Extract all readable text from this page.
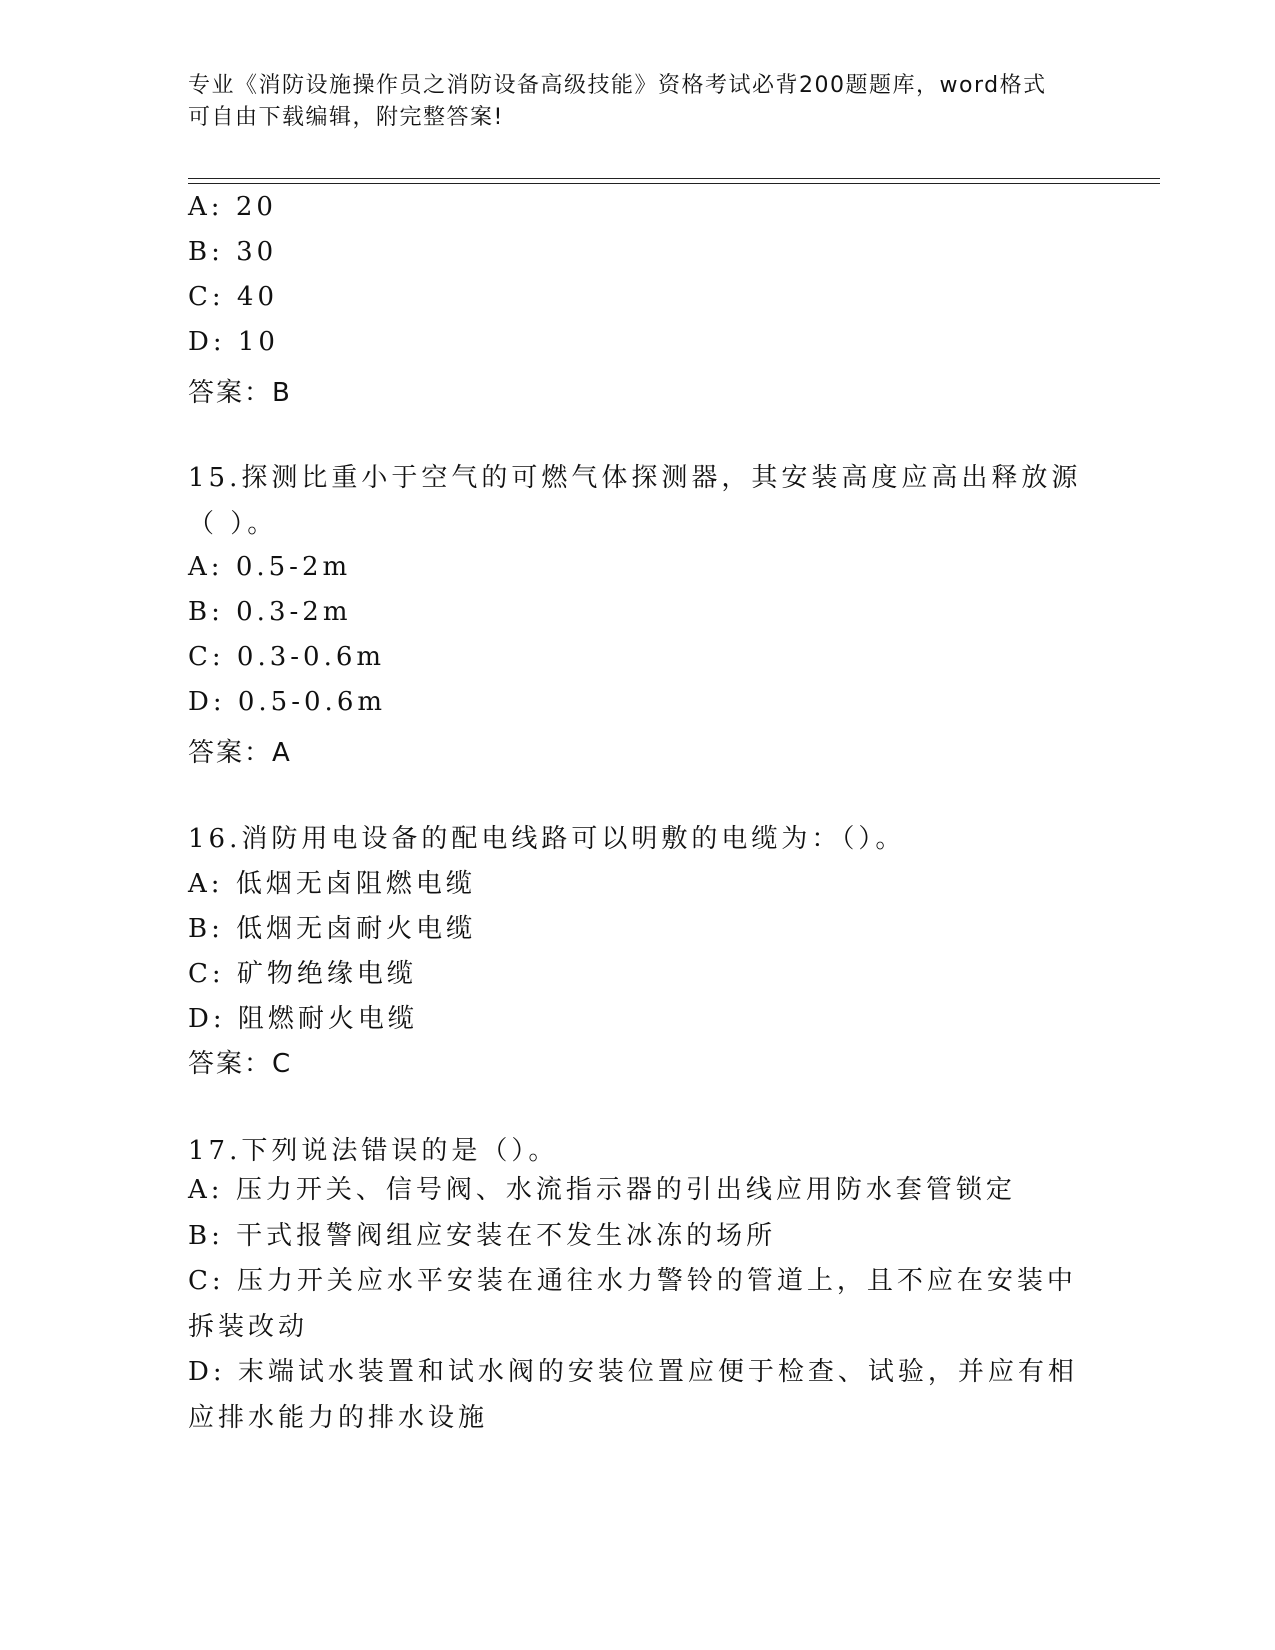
专业《消防设施操作员之消防设备高级技能》资格考试必背200题题库，word格式可自由下载编辑，附完整答案!
A: 20
B: 30
C: 40
D: 10
答案：B
15.探测比重小于空气的可燃气体探测器，其安装高度应高出释放源（ ）。
A: 0.5-2m
B: 0.3-2m
C: 0.3-0.6m
D: 0.5-0.6m
答案：A
16.消防用电设备的配电线路可以明敷的电缆为：（）。
A: 低烟无卤阻燃电缆
B: 低烟无卤耐火电缆
C: 矿物绝缘电缆
D: 阻燃耐火电缆
答案：C
17.下列说法错误的是（）。
A: 压力开关、信号阀、水流指示器的引出线应用防水套管锁定
B: 干式报警阀组应安装在不发生冰冻的场所
C: 压力开关应水平安装在通往水力警铃的管道上，且不应在安装中拆装改动
D: 末端试水装置和试水阀的安装位置应便于检查、试验，并应有相应排水能力的排水设施
